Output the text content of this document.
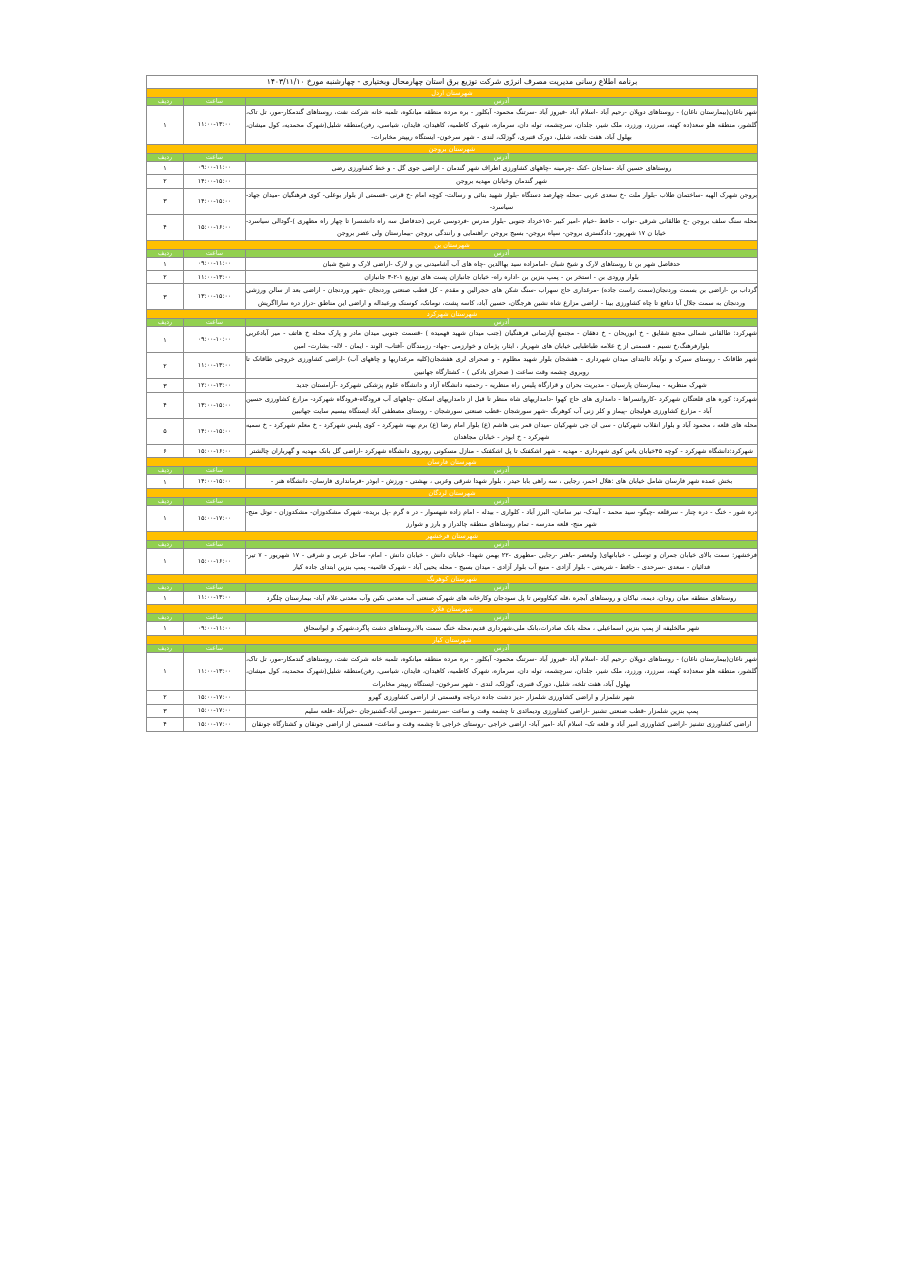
برنامه اطلاع رسانی مدیریت مصرف انرژی شرکت توزیع برق استان چهارمحال وبختیاری - چهارشنبه مورخ ۱۴۰۳/۱۱/۱۰		
شهرستان اردل		
آدرس	ساعت	ردیف
شهر ناغان(بیمارستان ناغان) - روستاهای دوپلان -رحیم آباد -اسلام آباد -فیروز آباد -سرتنگ محمود- آبکلور - بره مرده منطقه میانکوه، تلمبه خانه شرکت نفت، روستاهای گندمکار-مور، تل تاک، گلشور، منطقه هلو سعد(ده کهنه، سرزرد، ورزرد، ملک شیر، جلدان، سرچشمه، توله دان، سرمازه، شهرک کاظمیه، کاهیدان، فایدان، شیاسی، رفن)منطقه شلیل(شهرک محمدیه، کول میشان، بهلول آباد، هفت تلخه، شلیل، دورک قنبری، گوزلک، لندی - شهر سرخون- ایستگاه ریپیتر مخابرات-	۱۱:۰۰-۱۳:۰۰	۱
شهرستان بروجن		
آدرس	ساعت	ردیف
روستاهای حسین آباد -سناجان -کنک -چرمینه -چاههای کشاورزی اطراف شهر گندمان - اراضی جوی گل - و خط کشاورزی رضی	۰۹:۰۰-۱۱:۰۰	۱
شهر گندمان وخیابان مهدیه بروجن	۱۴:۰۰-۱۵:۰۰	۲
بروجن شهرک الهیه -ساختمان طلاب -بلوار ملت -خ سعدی غربی -محله چهارصد دستگاه -بلوار شهید بنائی و رسالت- کوچه امام -خ قرنی -قسمتی از بلوار بوعلی- کوی فرهنگیان -میدان جهاد- سیاسرد-	۱۴:۰۰-۱۵:۰۰	۳
محله سنگ سلف بروجن -خ طالقانی شرقی -نواب - حافظ -خیام -امیر کبیر -۱۵خرداد جنوبی -بلوار مدرس -فردوسی غربی (حدفاصل سه راه دانشسرا تا چهار راه مطهری )-گودالی سیاسرد- خیابا ن ۱۷ شهریور- دادگستری بروجن- سپاه بروجن- بسیج بروجن -راهنمایی و رانندگی بروجن -بیمارستان ولی عصر بروجن	۱۵:۰۰-۱۶:۰۰	۴
شهرستان بن		
آدرس	ساعت	ردیف
حدفاصل شهر بن تا روستاهای لارک و شیخ شبان -امامزاده سید بهاالدین -چاه های آب آشامیدنی بن و لارک -اراضی لارک و شیخ شبان	۰۹:۰۰-۱۱:۰۰	۱
بلوار ورودی بن - استخر بن - پمپ بنزین بن -اداره راه- خیابان جانبازان پست های توزیع ۱-۲-۳ جانبازان	۱۱:۰۰-۱۳:۰۰	۲
گرداب بن -اراضی بن بسمت وردنجان(سمت راست جاده) -مرغداری حاج سهراب -سنگ شکن های حجرالین و مقدم - کل قطب صنعتی وردنجان -شهر وردنجان - اراضی بعد از سالن ورزشی وردنجان به سمت جلال آبا دنافع تا چاه کشاورزی بینا - اراضی مزارع شاه نشین هرجگان، حسین آباد، کاسه پشت، نومانک، کوسنک ورعبداله و اراضی این مناطق -دراز دره سارااگریش	۱۳:۰۰-۱۵:۰۰	۳
شهرستان شهرکرد		
آدرس	ساعت	ردیف
شهرکرد: طالقانی شمالی مجتع شقایق - خ ابوریحان - خ دهقان - مجتمع آپارتمانی فرهنگیان (جنب میدان شهید فهمیده ) -قسمت جنوبی میدان مادر و پارک محله خ هاتف - میر آبادغربی بلوارفرهنگ،خ نسیم - قسمتی از خ علامه طباطبایی خیابان های شهریار ، ایثار، پژمان و خوارزمی -جهاد- رزمندگان -آفتاب- الوند - ایمان - لاله- بشارت- امین	۰۹:۰۰-۱۰:۰۰	۱
شهر طاقانک - روستای سیرک و نوآباد تاابتدای میدان شهرداری - هفشجان بلوار شهید مظلوم - و صحرای لری هفشجان(کلیه مرغداریها و چاههای آب) -اراضی کشاورزی خروجی طاقانک تا روبروی چشمه وقت ساعت ( صحرای بادکی ) - کشتارگاه جهانبین	۱۱:۰۰-۱۳:۰۰	۲
شهرک منظریه - بیمارستان پارسیان - مدیریت بحران و قرارگاه پلیس راه منظریه - رحمتیه دانشگاه آزاد و دانشگاه علوم پزشکی شهرکرد -آرامستان جدید	۱۲:۰۰-۱۳:۰۰	۳
شهرکرد: کوره های قلعتگان شهرکرد -کاروانسراها - دامداری های حاج کهوا -دامداریهای شاه منظر تا قبل از دامداریهای اسکان -چاههای آب فرودگاه-فرودگاه شهرکرد- مزارع کشاورزی حسین آباد - مزارع کشاورزی هولیجان -پیماز و کلر زنی آب کوهرنگ -شهر سورشجان -قطب صنعتی سورشجان - روستای مصطفی آباد ایستگاه بیسیم سایت جهانبین	۱۳:۰۰-۱۵:۰۰	۴
محله های قلعه ، محمود آباد و بلوار انقلاب شهرکیان - سی ان جی شهرکیان -میدان قمر بنی هاشم (ع) بلوار امام رضا (ع) برم بهنه شهرکرد - کوی پلیس شهرکرد - خ معلم شهرکرد - خ سمیه شهرکرد - خ ابوذر - خیابان مجاهدان	۱۴:۰۰-۱۵:۰۰	۵
شهرکرد:دانشگاه شهرکرد - کوچه ۴۵خیابان یاس کوی شهرداری - مهدیه - شهر اشکفتک تا پل اشکفتک - منازل مسکونی روبروی دانشگاه شهرکرد -اراضی گل بانک مهدیه و گهرباران چالشتر	۱۵:۰۰-۱۶:۰۰	۶
شهرستان فارسان		
آدرس	ساعت	ردیف
بخش عمده شهر فارسان شامل خیابان های :هلال احمر، رجایی ، سه راهی بابا حیدر ، بلوار شهدا شرقی وغربی ، بهشتی - ورزش - ابوذر -فرمانداری فارسان- دانشگاه هنر -	۱۴:۰۰-۱۵:۰۰	۱
شهرستان لردگان		
آدرس	ساعت	ردیف
دره شور - خنگ - دره چنار - سرقلعه -چیگو- سید محمد - آبیدک- نیر سامان- البرز آباد - کلواری - بیدله - امام زاده شهسوار - در ه گرم -پل بریده- شهرک مشکدوزان- مشکدوزان - توتل منج- شهر منج- قلعه مدرسه - تمام روستاهای منطقه چالدراز و بارز و شوارز	۱۵:۰۰-۱۷:۰۰	۱
شهرستان فرخشهر		
آدرس	ساعت	ردیف
فرخشهر: سمت بالای خیابان جمران و توسلی - خیابانهای( ولیعصر -باهنر -رجایی -مطهری -۲۲ بهمن شهدا- خیابان دانش - خیابان دانش - امام- ساحل غربی و شرقی - ۱۷ شهریور - ۷ تیر- فدائیان - سعدی -سرحدی - حافظ - شریعتی - بلوار آزادی - منبع آب بلوار آزادی - میدان بسیج - محله یحیی آباد - شهرک قائمیه- پمپ بنزین ابتدای جاده کیار	۱۵:۰۰-۱۶:۰۰	۱
شهرستان کوهرنگ		
آدرس	ساعت	ردیف
روستاهای منطقه میان رودان، دیمه، نیاکان و روستاهای آبجره ،قله کیکاووس تا پل سودجان وکارخانه های شهرک صنعتی آب معدنی نکین وآب معدنی غلام آباد- بیمارستان چلگرد	۱۱:۰۰-۱۳:۰۰	۱
شهرستان فلارد		
آدرس	ساعت	ردیف
شهر مالخلیفه از پمپ بنزین اسماعیلی ، محله بانک صادرات،بانک ملی،شهرداری قدیم،محله خنگ سمت بالا،روستاهای دشت پاگرد،شهرک و ابواسحاق	۰۹:۰۰-۱۱:۰۰	۱
شهرستان کیار		
آدرس	ساعت	ردیف
شهر ناغان(بیمارستان ناغان) - روستاهای دوپلان -رحیم آباد -اسلام آباد -فیروز آباد -سرتنگ محمود- آبکلور - بره مرده منطقه میانکوه، تلمبه خانه شرکت نفت، روستاهای گندمکار-مور، تل تاک، گلشور، منطقه هلو سعد(ده کهنه، سرزرد، ورزرد، ملک شیر، جلدان، سرچشمه، توله دان، سرمازه، شهرک کاظمیه، کاهیدان، فایدان، شیاسی، رفن)منطقه شلیل(شهرک محمدیه، کول میشان، بهلول آباد، هفت تلخه، شلیل، دورک قنبری، گوزلک، لندی - شهر سرخون- ایستگاه ریپیتر مخابرات	۱۱:۰۰-۱۳:۰۰	۱
شهر شلمزار و اراضی کشاورزی شلمزار -دیز دشت جاده درباجه وقسمتی از اراضی کشاورزی گهرو	۱۵:۰۰-۱۷:۰۰	۲
پمپ بنزین شلمزار -قطب صنعتی تشنیز -اراضی کشاورزی ودیمائدی تا چشمه وقت و ساعت -سرتشنیز --موسی آباد-گشنیزجان -خیرآباد -قلعه سلیم	۱۵:۰۰-۱۷:۰۰	۳
اراضی کشاورزی تشنیز -اراضی کشاورزی امیر آباد و قلعه تک- اسلام آباد -امیر آباد- اراضی خراجی -روستای خراجی تا چشمه وقت و ساعت- قسمتی از اراضی جونقان و کشتارگاه جونقان	۱۵:۰۰-۱۷:۰۰	۴
